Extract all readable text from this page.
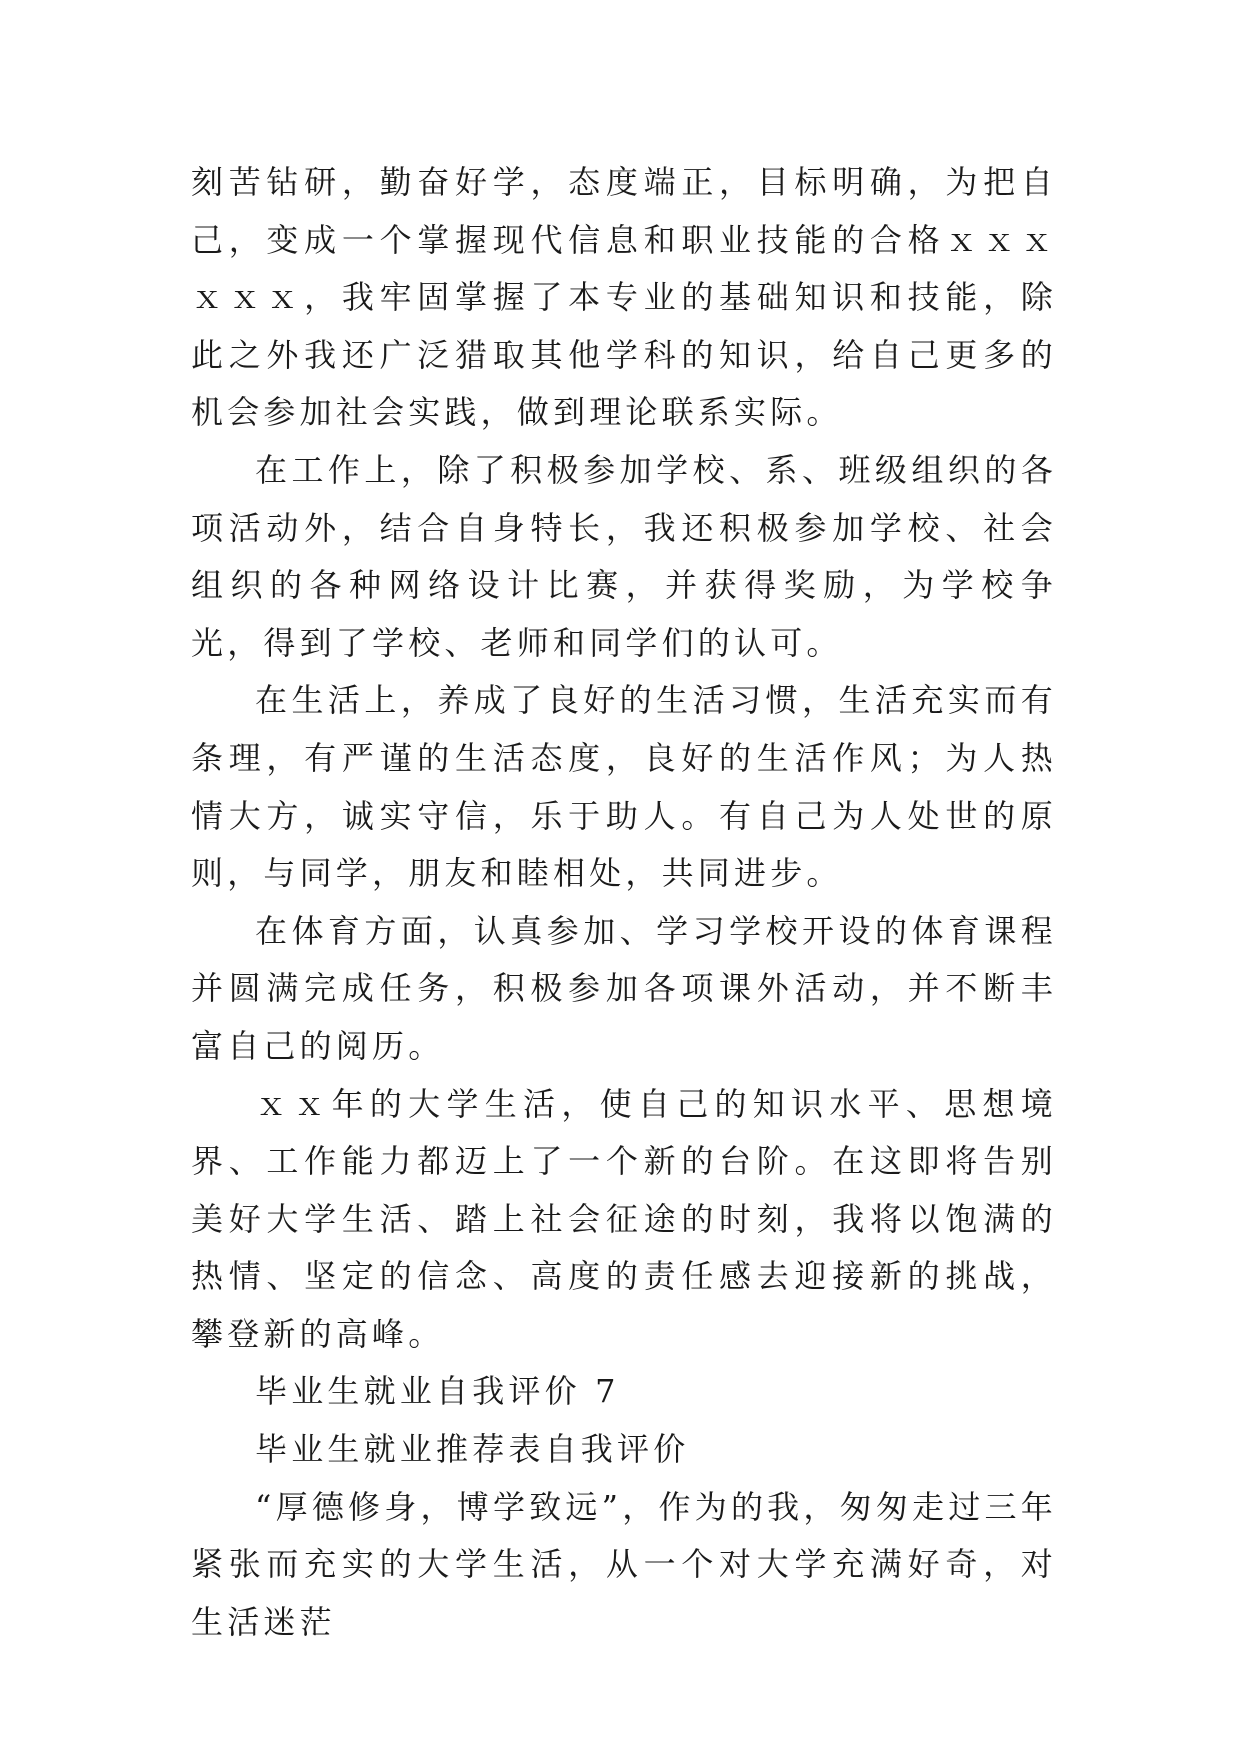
刻苦钻研，勤奋好学，态度端正，目标明确，为把自己，变成一个掌握现代信息和职业技能的合格ｘｘｘｘｘｘ，我牢固掌握了本专业的基础知识和技能，除此之外我还广泛猎取其他学科的知识，给自己更多的机会参加社会实践，做到理论联系实际。

在工作上，除了积极参加学校、系、班级组织的各项活动外，结合自身特长，我还积极参加学校、社会组织的各种网络设计比赛，并获得奖励，为学校争光，得到了学校、老师和同学们的认可。

在生活上，养成了良好的生活习惯，生活充实而有条理，有严谨的生活态度，良好的生活作风；为人热情大方，诚实守信，乐于助人。有自己为人处世的原则，与同学，朋友和睦相处，共同进步。

在体育方面，认真参加、学习学校开设的体育课程并圆满完成任务，积极参加各项课外活动，并不断丰富自己的阅历。

ｘｘ年的大学生活，使自己的知识水平、思想境界、工作能力都迈上了一个新的台阶。在这即将告别美好大学生活、踏上社会征途的时刻，我将以饱满的热情、坚定的信念、高度的责任感去迎接新的挑战，攀登新的高峰。

毕业生就业自我评价 7

毕业生就业推荐表自我评价

“厚德修身，博学致远”，作为的我，匆匆走过三年紧张而充实的大学生活，从一个对大学充满好奇，对生活迷茫
